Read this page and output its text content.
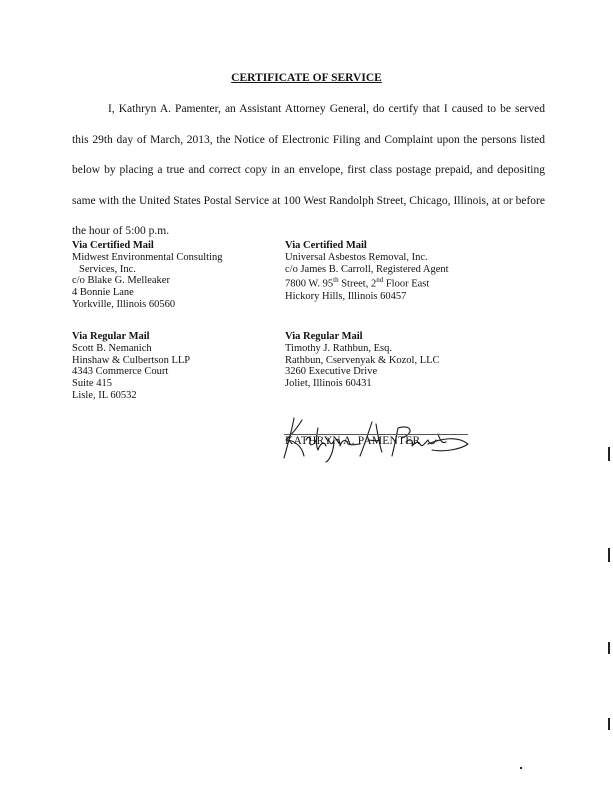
CERTIFICATE OF SERVICE

I, Kathryn A. Pamenter, an Assistant Attorney General, do certify that I caused to be served this 29th day of March, 2013, the Notice of Electronic Filing and Complaint upon the persons listed below by placing a true and correct copy in an envelope, first class postage prepaid, and depositing same with the United States Postal Service at 100 West Randolph Street, Chicago, Illinois, at or before the hour of 5:00 p.m.

Via Certified Mail
Midwest Environmental Consulting
Services, Inc.
c/o Blake G. Melleaker
4 Bonnie Lane
Yorkville, Illinois 60560
Via Certified Mail
Universal Asbestos Removal, Inc.
c/o James B. Carroll, Registered Agent
7800 W. 95th Street, 2nd Floor East
Hickory Hills, Illinois 60457
Via Regular Mail
Scott B. Nemanich
Hinshaw & Culbertson LLP
4343 Commerce Court
Suite 415
Lisle, IL 60532
Via Regular Mail
Timothy J. Rathbun, Esq.
Rathbun, Cservenyak & Kozol, LLC
3260 Executive Drive
Joliet, Illinois 60431
KATHRYN A. PAMENTER
